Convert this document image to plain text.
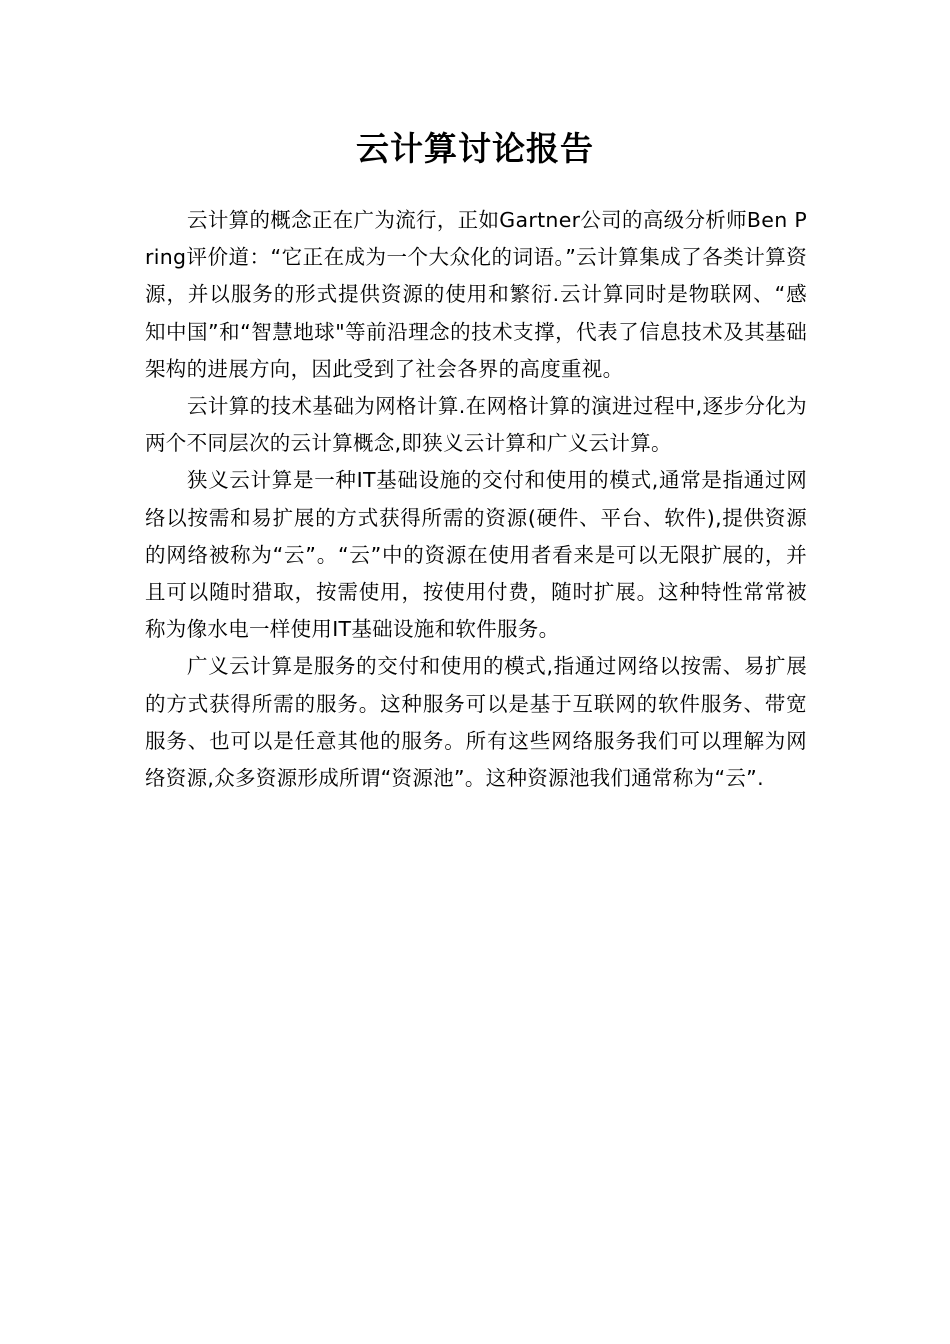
云计算讨论报告

云计算的概念正在广为流行，正如Gartner公司的高级分析师Ben Pring评价道：“它正在成为一个大众化的词语。”云计算集成了各类计算资源，并以服务的形式提供资源的使用和繁衍.云计算同时是物联网、“感知中国”和“智慧地球"等前沿理念的技术支撑，代表了信息技术及其基础架构的进展方向，因此受到了社会各界的高度重视。

云计算的技术基础为网格计算.在网格计算的演进过程中,逐步分化为两个不同层次的云计算概念,即狭义云计算和广义云计算。

狭义云计算是一种IT基础设施的交付和使用的模式,通常是指通过网络以按需和易扩展的方式获得所需的资源(硬件、平台、软件),提供资源的网络被称为“云”。“云”中的资源在使用者看来是可以无限扩展的，并且可以随时猎取，按需使用，按使用付费，随时扩展。这种特性常常被称为像水电一样使用IT基础设施和软件服务。

广义云计算是服务的交付和使用的模式,指通过网络以按需、易扩展的方式获得所需的服务。这种服务可以是基于互联网的软件服务、带宽服务、也可以是任意其他的服务。所有这些网络服务我们可以理解为网络资源,众多资源形成所谓“资源池”。这种资源池我们通常称为“云”.
